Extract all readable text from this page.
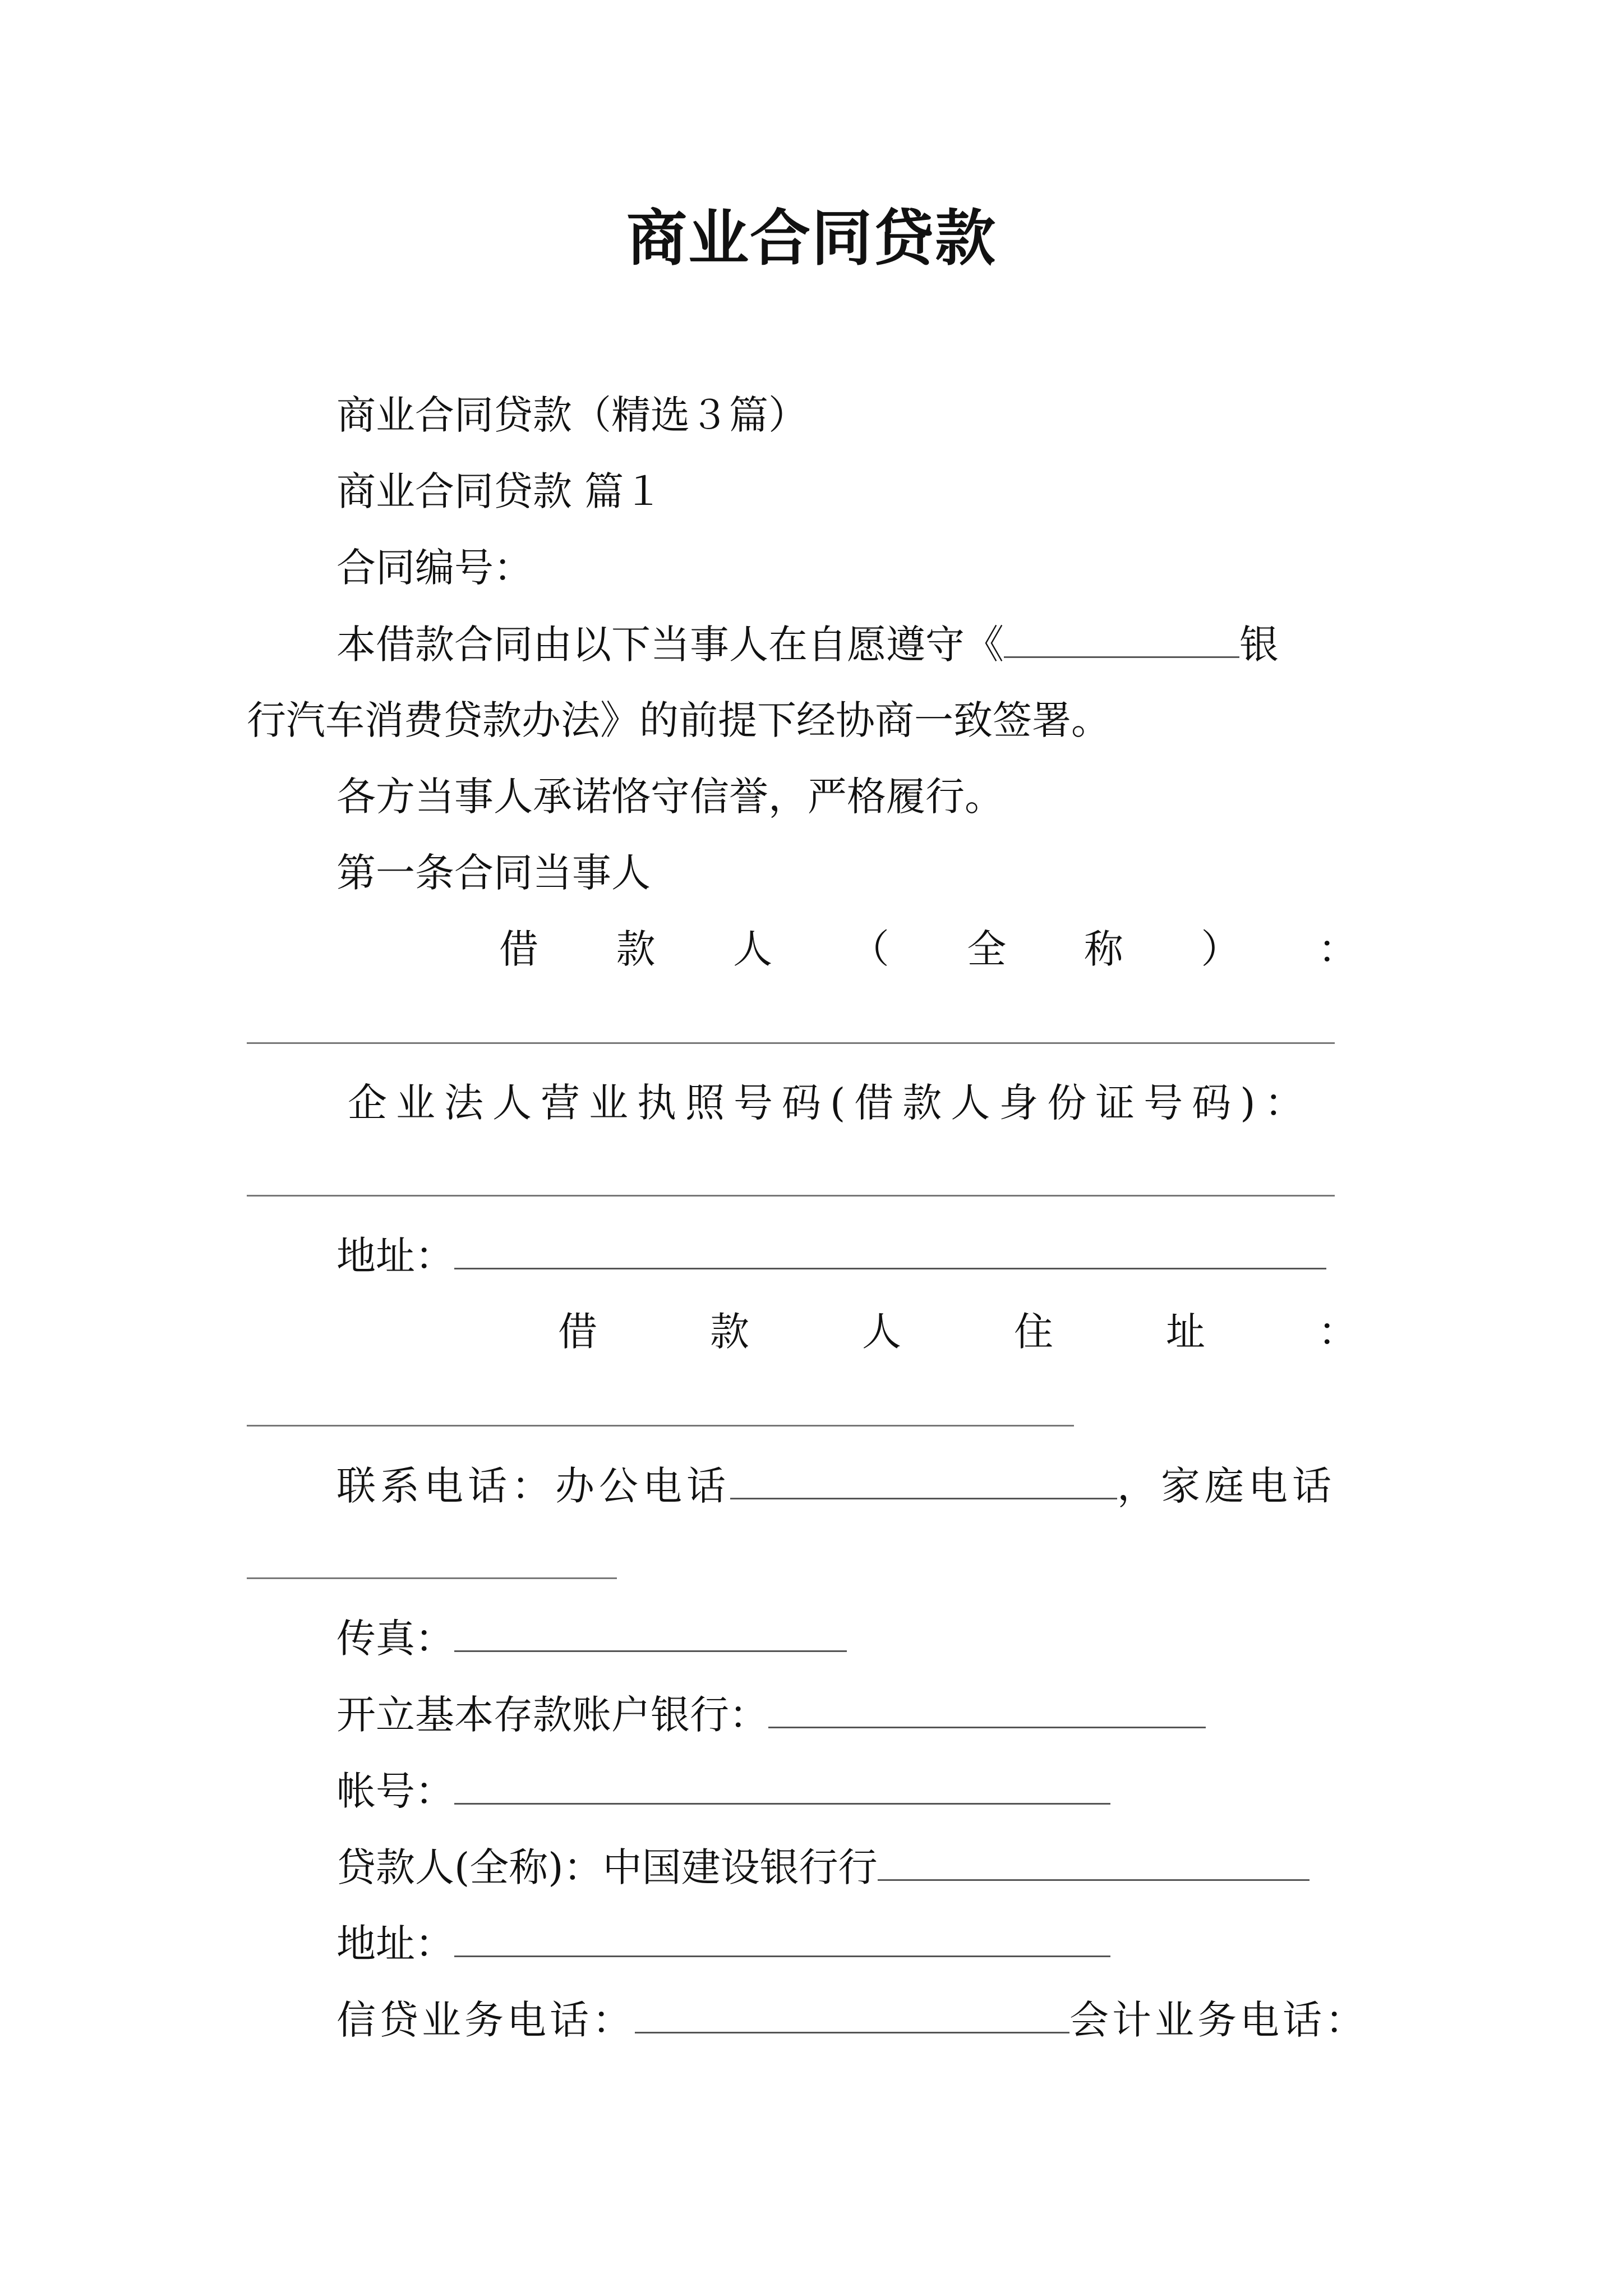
商业合同贷款
商业合同贷款（精选３篇）
商业合同贷款 篇１
合同编号：
本借款合同由以下当事人在自愿遵守《	银
行汽车消费贷款办法》的前提下经协商一致签署。
各方当事人承诺恪守信誉，严格履行。
第一条合同当事人
借 款 人 （ 全 称 ） ：
企业法人营业执照号码(借款人身份证号码)：
地址：
借	款	人	住	址	：
联系电话：办公电话	，家庭电话
传真：
开立基本存款账户银行：
帐号：
贷款人(全称)：中国建设银行行
地址：
信贷业务电话：	会计业务电话：
